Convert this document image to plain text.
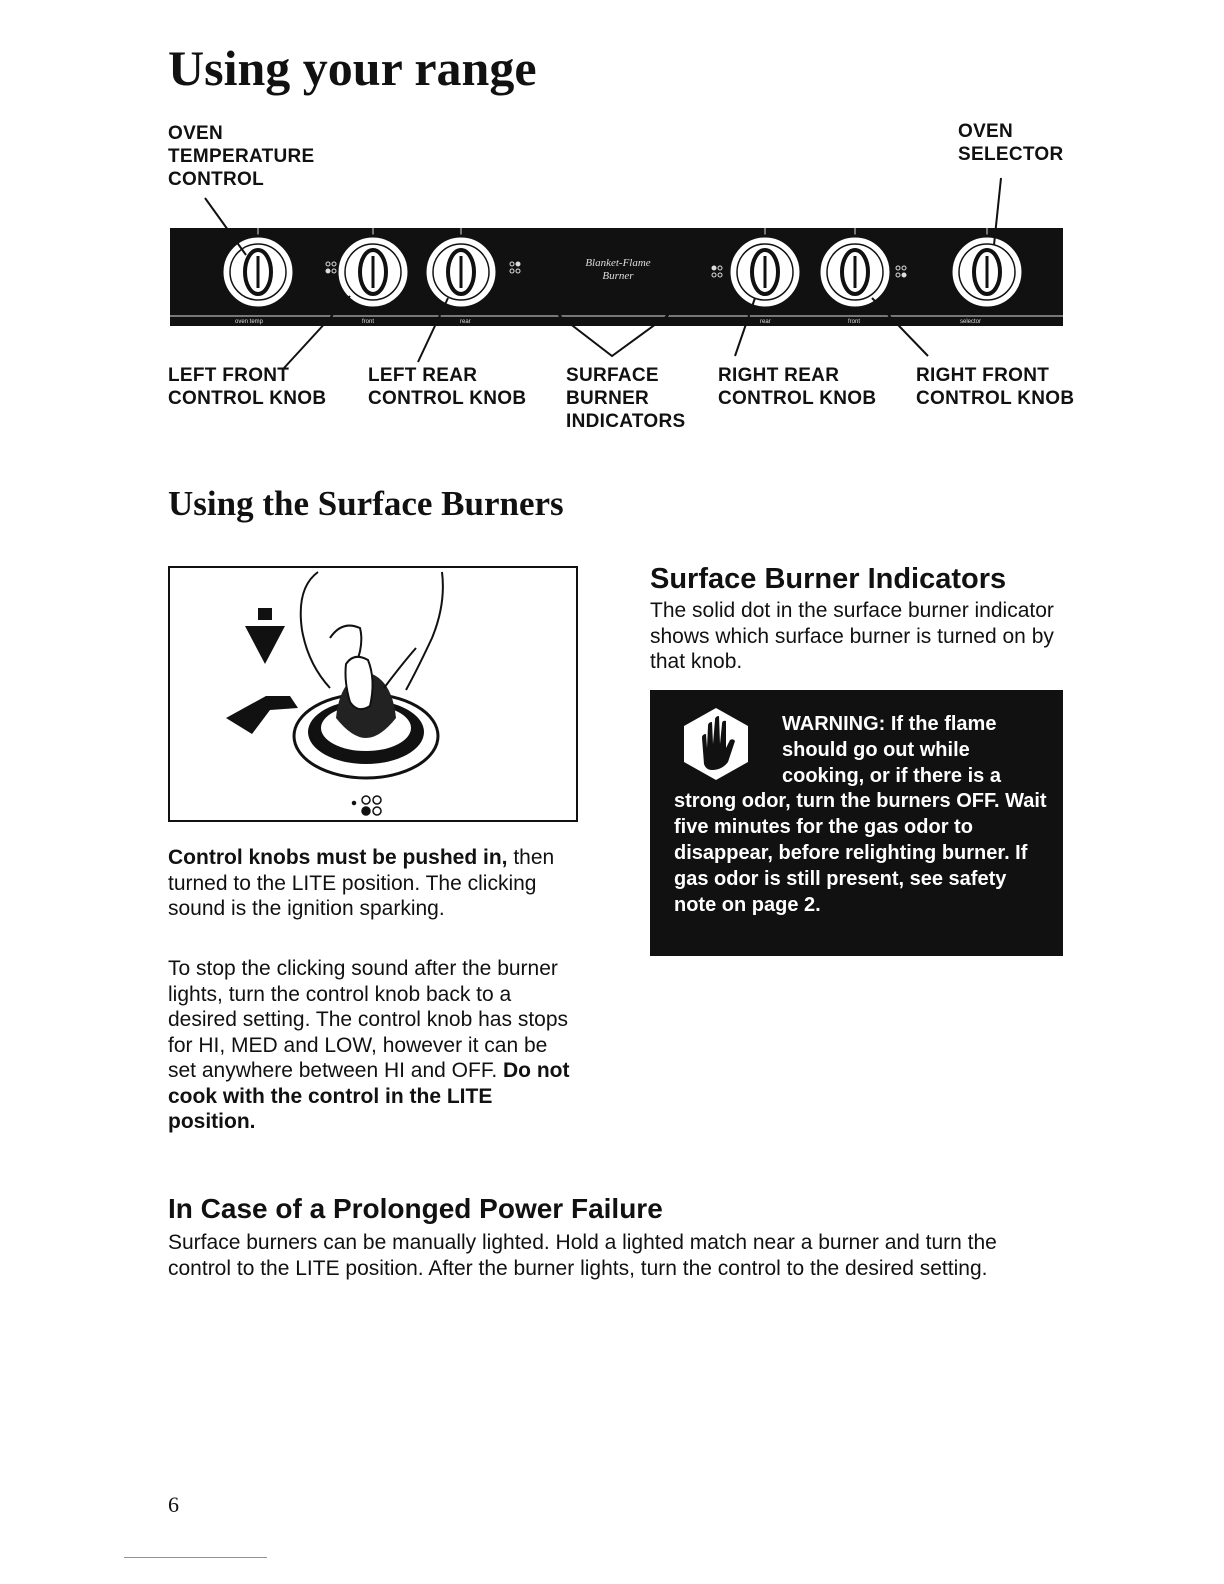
Using your range
OVEN
TEMPERATURE
CONTROL
OVEN
SELECTOR
oven temp	front	rear	rear	front	selector
Blanket-Flame Burner
LEFT FRONT
CONTROL KNOB
LEFT REAR
CONTROL KNOB
SURFACE
BURNER
INDICATORS
RIGHT REAR
CONTROL KNOB
RIGHT FRONT
CONTROL KNOB
Using the Surface Burners
Control knobs must be pushed in, then turned to the LITE position. The clicking sound is the ignition sparking.
To stop the clicking sound after the burner lights, turn the control knob back to a desired setting. The control knob has stops for HI, MED and LOW, however it can be set anywhere between HI and OFF. Do not cook with the control in the LITE position.
Surface Burner Indicators
The solid dot in the surface burner indicator shows which surface burner is turned on by that knob.
WARNING: If the flame should go out while cooking, or if there is a
strong odor, turn the burners OFF. Wait five minutes for the gas odor to disappear, before relighting burner. If gas odor is still present, see safety note on page 2.
In Case of a Prolonged Power Failure
Surface burners can be manually lighted. Hold a lighted match near a burner and turn the control to the LITE position. After the burner lights, turn the control to the desired setting.
6
